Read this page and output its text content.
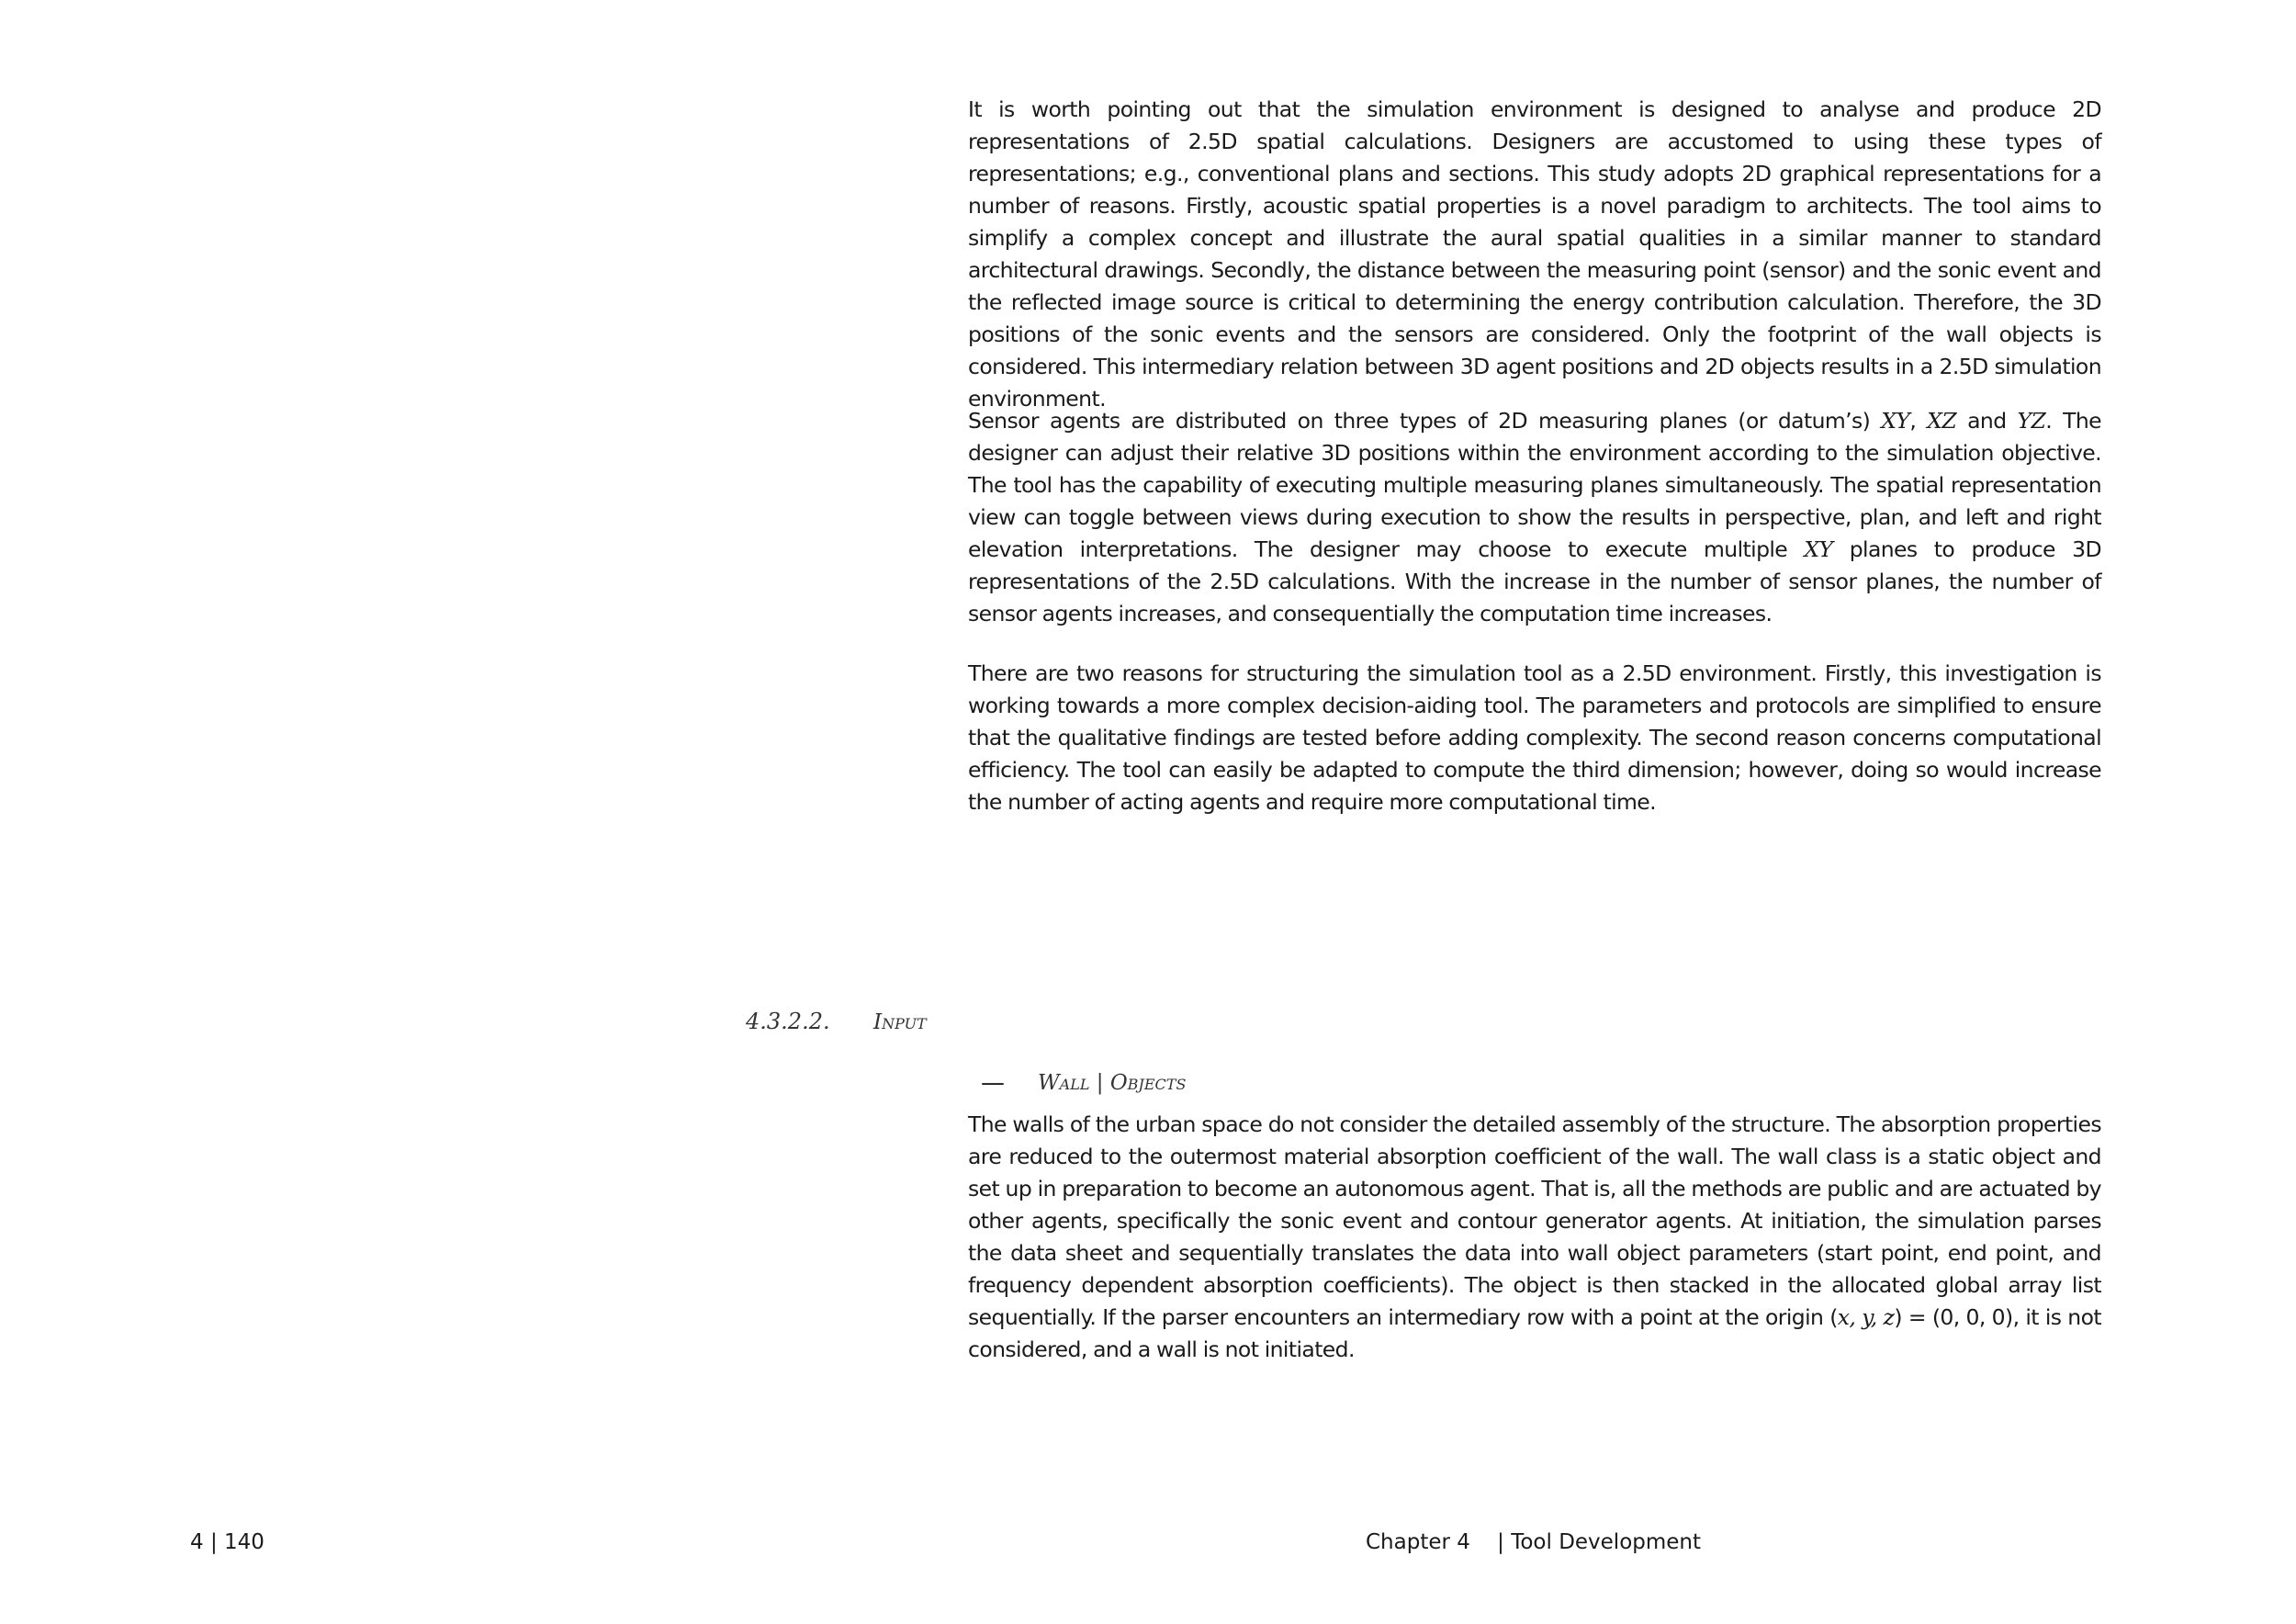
It is worth pointing out that the simulation environment is designed to analyse and produce 2D representations of 2.5D spatial calculations. Designers are accustomed to using these types of representations; e.g., conventional plans and sections. This study adopts 2D graphical representations for a number of reasons. Firstly, acoustic spatial properties is a novel paradigm to architects. The tool aims to simplify a complex concept and illustrate the aural spatial qualities in a similar manner to standard architectural drawings. Secondly, the distance between the measuring point (sensor) and the sonic event and the reflected image source is critical to determining the energy contribution calculation. Therefore, the 3D positions of the sonic events and the sensors are considered. Only the footprint of the wall objects is considered. This intermediary relation between 3D agent positions and 2D objects results in a 2.5D simulation environment.

Sensor agents are distributed on three types of 2D measuring planes (or datum’s) XY, XZ and YZ. The designer can adjust their relative 3D positions within the environment according to the simulation objective. The tool has the capability of executing multiple measuring planes simultaneously. The spatial representation view can toggle between views during execution to show the results in perspective, plan, and left and right elevation interpretations. The designer may choose to execute multiple XY planes to produce 3D representations of the 2.5D calculations. With the increase in the number of sensor planes, the number of sensor agents increases, and consequentially the computation time increases.

There are two reasons for structuring the simulation tool as a 2.5D environment. Firstly, this investigation is working towards a more complex decision-aiding tool. The parameters and protocols are simplified to ensure that the qualitative findings are tested before adding complexity. The second reason concerns computational efficiency. The tool can easily be adapted to compute the third dimension; however, doing so would increase the number of acting agents and require more computational time.

4.3.2.2. Input
— Wall | Objects

The walls of the urban space do not consider the detailed assembly of the structure. The absorption properties are reduced to the outermost material absorption coefficient of the wall. The wall class is a static object and set up in preparation to become an autonomous agent. That is, all the methods are public and are actuated by other agents, specifically the sonic event and contour generator agents. At initiation, the simulation parses the data sheet and sequentially translates the data into wall object parameters (start point, end point, and frequency dependent absorption coefficients). The object is then stacked in the allocated global array list sequentially. If the parser encounters an intermediary row with a point at the origin (x, y, z) = (0, 0, 0), it is not considered, and a wall is not initiated.

4 | 140	Chapter 4    | Tool Development
